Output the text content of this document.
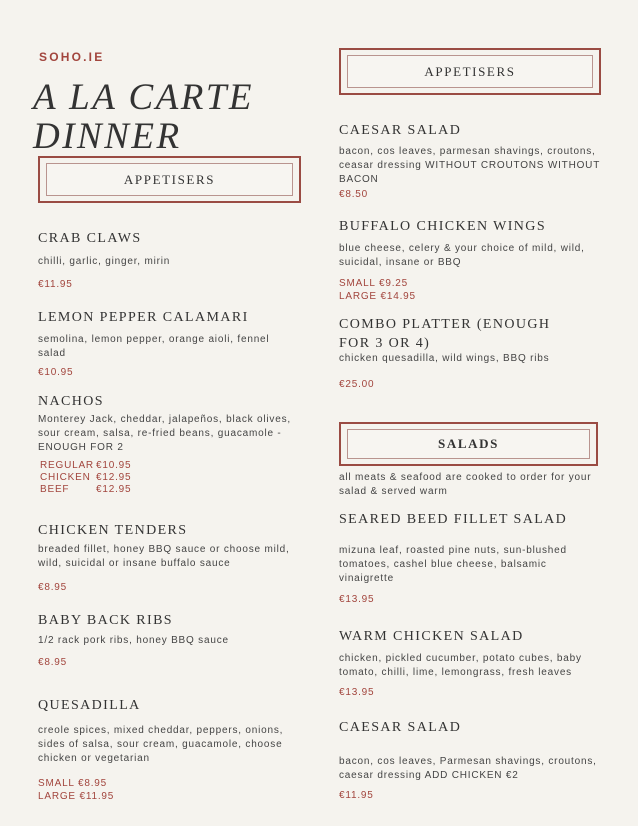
SOHO.IE
A LA CARTE DINNER
APPETISERS
CRAB CLAWS
chilli, garlic, ginger, mirin
€11.95
LEMON PEPPER CALAMARI
semolina, lemon pepper, orange aioli, fennel salad
€10.95
NACHOS
Monterey Jack, cheddar, jalapeños, black olives, sour cream, salsa, re-fried beans, guacamole - ENOUGH FOR 2
REGULAR	€10.95
CHICKEN	€12.95
BEEF	€12.95
CHICKEN TENDERS
breaded fillet, honey BBQ sauce or choose mild, wild, suicidal or insane buffalo sauce
€8.95
BABY BACK RIBS
1/2 rack pork ribs, honey BBQ sauce
€8.95
QUESADILLA
creole spices, mixed cheddar, peppers, onions, sides of salsa, sour cream, guacamole, choose chicken or vegetarian
SMALL €8.95
LARGE €11.95
APPETISERS
CAESAR SALAD
bacon, cos leaves, parmesan shavings, croutons, ceasar dressing WITHOUT CROUTONS WITHOUT BACON
€8.50
BUFFALO CHICKEN WINGS
blue cheese, celery & your choice of mild, wild, suicidal, insane or BBQ
SMALL €9.25
LARGE €14.95
COMBO PLATTER (ENOUGH FOR 3 OR 4)
chicken quesadilla, wild wings, BBQ ribs
€25.00
SALADS
all meats & seafood are cooked to order for your salad & served warm
SEARED BEED FILLET SALAD
mizuna leaf, roasted pine nuts, sun-blushed tomatoes, cashel blue cheese, balsamic vinaigrette
€13.95
WARM CHICKEN SALAD
chicken, pickled cucumber, potato cubes, baby tomato, chilli, lime, lemongrass, fresh leaves
€13.95
CAESAR SALAD
bacon, cos leaves, Parmesan shavings, croutons, caesar dressing ADD CHICKEN €2
€11.95
